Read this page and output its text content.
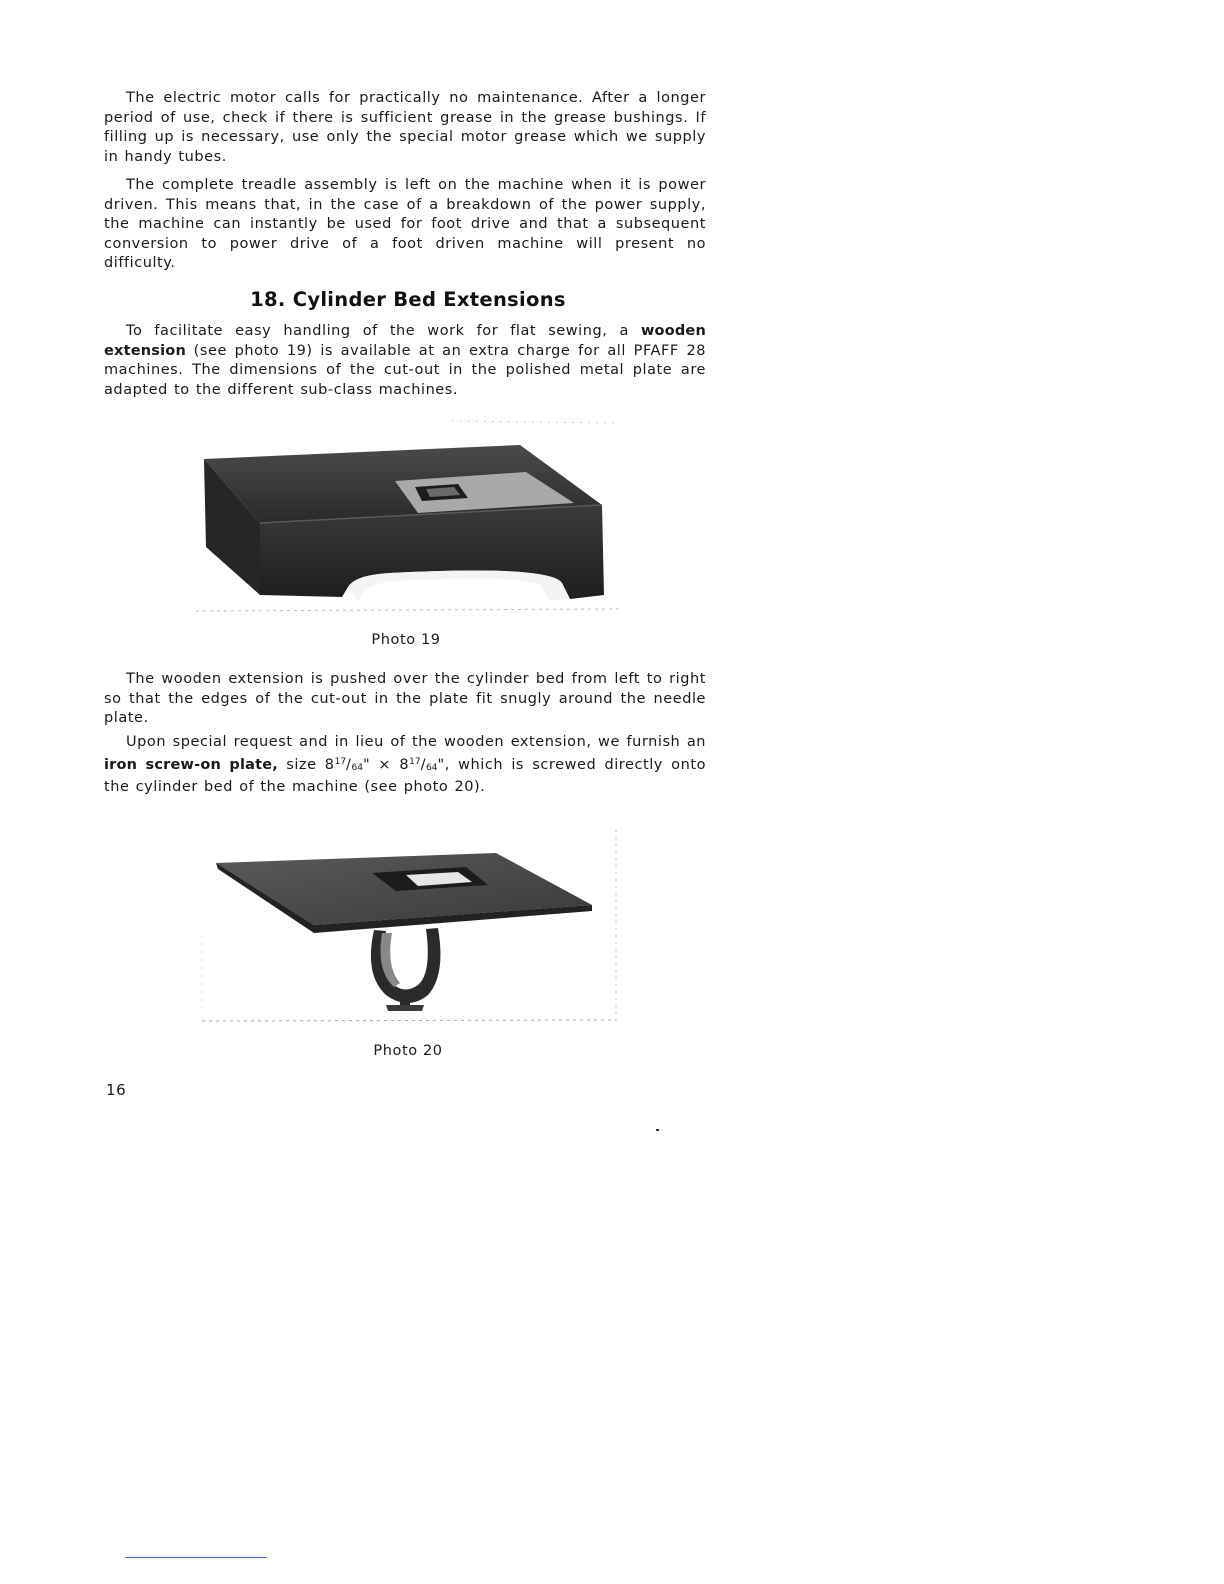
The electric motor calls for practically no maintenance. After a longer period of use, check if there is sufficient grease in the grease bushings. If filling up is necessary, use only the special motor grease which we supply in handy tubes.

The complete treadle assembly is left on the machine when it is power driven. This means that, in the case of a breakdown of the power supply, the machine can instantly be used for foot drive and that a subsequent conversion to power drive of a foot driven machine will present no difficulty.

18. Cylinder Bed Extensions

To facilitate easy handling of the work for flat sewing, a wooden extension (see photo 19) is available at an extra charge for all PFAFF 28 machines. The dimensions of the cut-out in the polished metal plate are adapted to the different sub-class machines.

Photo 19

The wooden extension is pushed over the cylinder bed from left to right so that the edges of the cut-out in the plate fit snugly around the needle plate.

Upon special request and in lieu of the wooden extension, we furnish an iron screw-on plate, size $8^{17}/64$" × $8^{17}/64$", which is screwed directly onto the cylinder bed of the machine (see photo 20).

Photo 20
16
